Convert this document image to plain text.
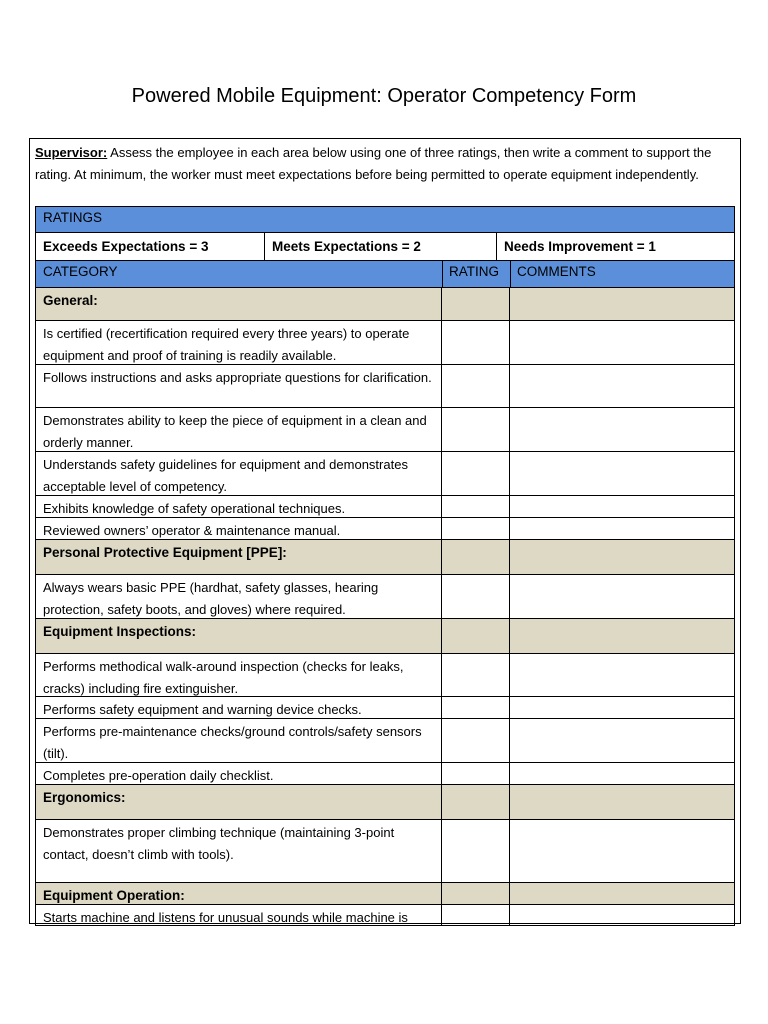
Powered Mobile Equipment: Operator Competency Form
Supervisor: Assess the employee in each area below using one of three ratings, then write a comment to support the rating. At minimum, the worker must meet expectations before being permitted to operate equipment independently.
RATINGS
Exceeds Expectations = 3	Meets Expectations = 2	Needs Improvement = 1
CATEGORY	RATING COMMENTS
General:
Is certified (recertification required every three years) to operate equipment and proof of training is readily available.
Follows instructions and asks appropriate questions for clarification.
Demonstrates ability to keep the piece of equipment in a clean and orderly manner.
Understands safety guidelines for equipment and demonstrates acceptable level of competency.
Exhibits knowledge of safety operational techniques.
Reviewed owners’ operator & maintenance manual.
Personal Protective Equipment [PPE]:
Always wears basic PPE (hardhat, safety glasses, hearing protection, safety boots, and gloves) where required.
Equipment Inspections:
Performs methodical walk-around inspection (checks for leaks, cracks) including fire extinguisher.
Performs safety equipment and warning device checks.
Performs pre-maintenance checks/ground controls/safety sensors (tilt).
Completes pre-operation daily checklist.
Ergonomics:
Demonstrates proper climbing technique (maintaining 3-point contact, doesn’t climb with tools).
Equipment Operation:
Starts machine and listens for unusual sounds while machine is
